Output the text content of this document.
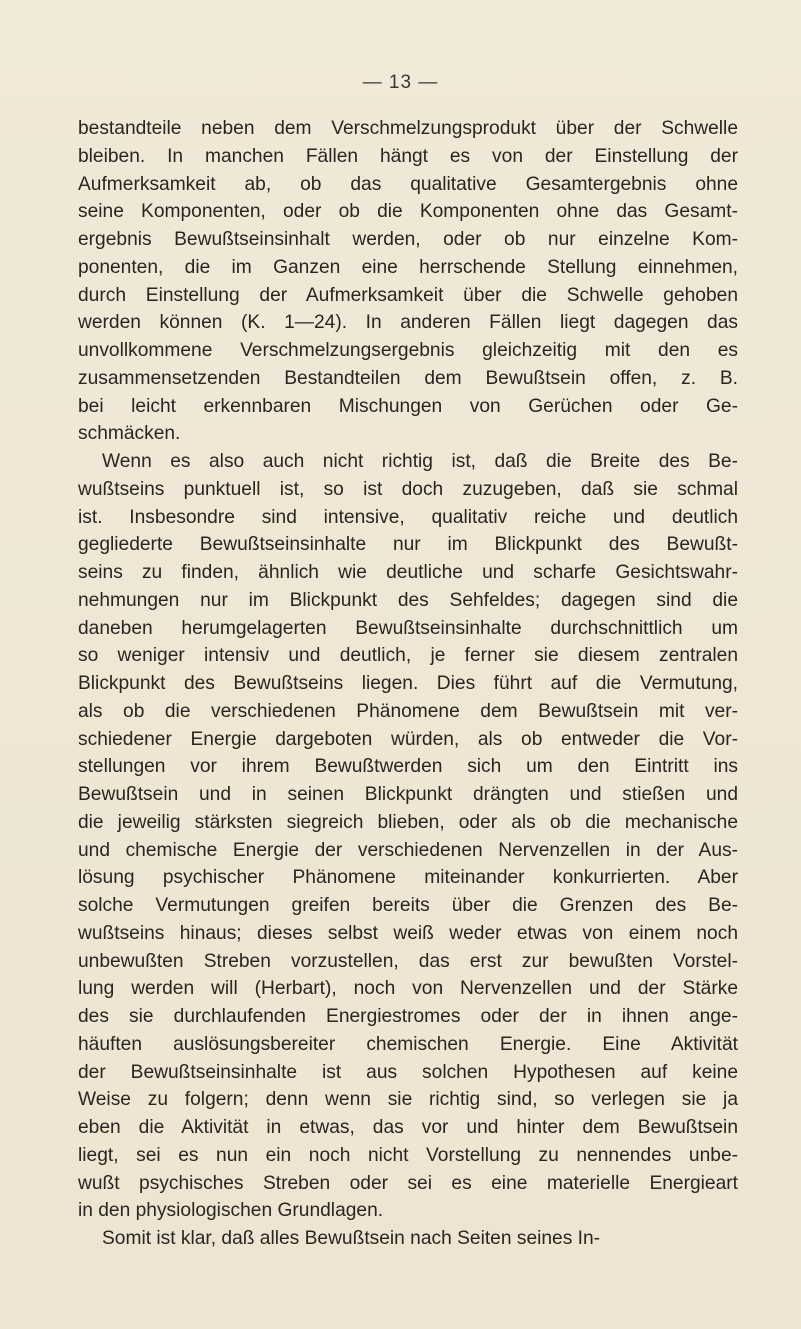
— 13 —
bestandteile neben dem Verschmelzungsprodukt über der Schwelle
bleiben. In manchen Fällen hängt es von der Einstellung der
Aufmerksamkeit ab, ob das qualitative Gesamtergebnis ohne
seine Komponenten, oder ob die Komponenten ohne das Gesamt-
ergebnis Bewußtseinsinhalt werden, oder ob nur einzelne Kom-
ponenten, die im Ganzen eine herrschende Stellung einnehmen,
durch Einstellung der Aufmerksamkeit über die Schwelle gehoben
werden können (K. 1—24). In anderen Fällen liegt dagegen das
unvollkommene Verschmelzungsergebnis gleichzeitig mit den es
zusammensetzenden Bestandteilen dem Bewußtsein offen, z. B.
bei leicht erkennbaren Mischungen von Gerüchen oder Ge-
schmäcken.
Wenn es also auch nicht richtig ist, daß die Breite des Be-
wußtseins punktuell ist, so ist doch zuzugeben, daß sie schmal
ist. Insbesondre sind intensive, qualitativ reiche und deutlich
gegliederte Bewußtseinsinhalte nur im Blickpunkt des Bewußt-
seins zu finden, ähnlich wie deutliche und scharfe Gesichtswahr-
nehmungen nur im Blickpunkt des Sehfeldes; dagegen sind die
daneben herumgelagerten Bewußtseinsinhalte durchschnittlich um
so weniger intensiv und deutlich, je ferner sie diesem zentralen
Blickpunkt des Bewußtseins liegen. Dies führt auf die Vermutung,
als ob die verschiedenen Phänomene dem Bewußtsein mit ver-
schiedener Energie dargeboten würden, als ob entweder die Vor-
stellungen vor ihrem Bewußtwerden sich um den Eintritt ins
Bewußtsein und in seinen Blickpunkt drängten und stießen und
die jeweilig stärksten siegreich blieben, oder als ob die mechanische
und chemische Energie der verschiedenen Nervenzellen in der Aus-
lösung psychischer Phänomene miteinander konkurrierten. Aber
solche Vermutungen greifen bereits über die Grenzen des Be-
wußtseins hinaus; dieses selbst weiß weder etwas von einem noch
unbewußten Streben vorzustellen, das erst zur bewußten Vorstel-
lung werden will (Herbart), noch von Nervenzellen und der Stärke
des sie durchlaufenden Energiestromes oder der in ihnen ange-
häuften auslösungsbereiter chemischen Energie. Eine Aktivität
der Bewußtseinsinhalte ist aus solchen Hypothesen auf keine
Weise zu folgern; denn wenn sie richtig sind, so verlegen sie ja
eben die Aktivität in etwas, das vor und hinter dem Bewußtsein
liegt, sei es nun ein noch nicht Vorstellung zu nennendes unbe-
wußt psychisches Streben oder sei es eine materielle Energieart
in den physiologischen Grundlagen.
Somit ist klar, daß alles Bewußtsein nach Seiten seines In-
